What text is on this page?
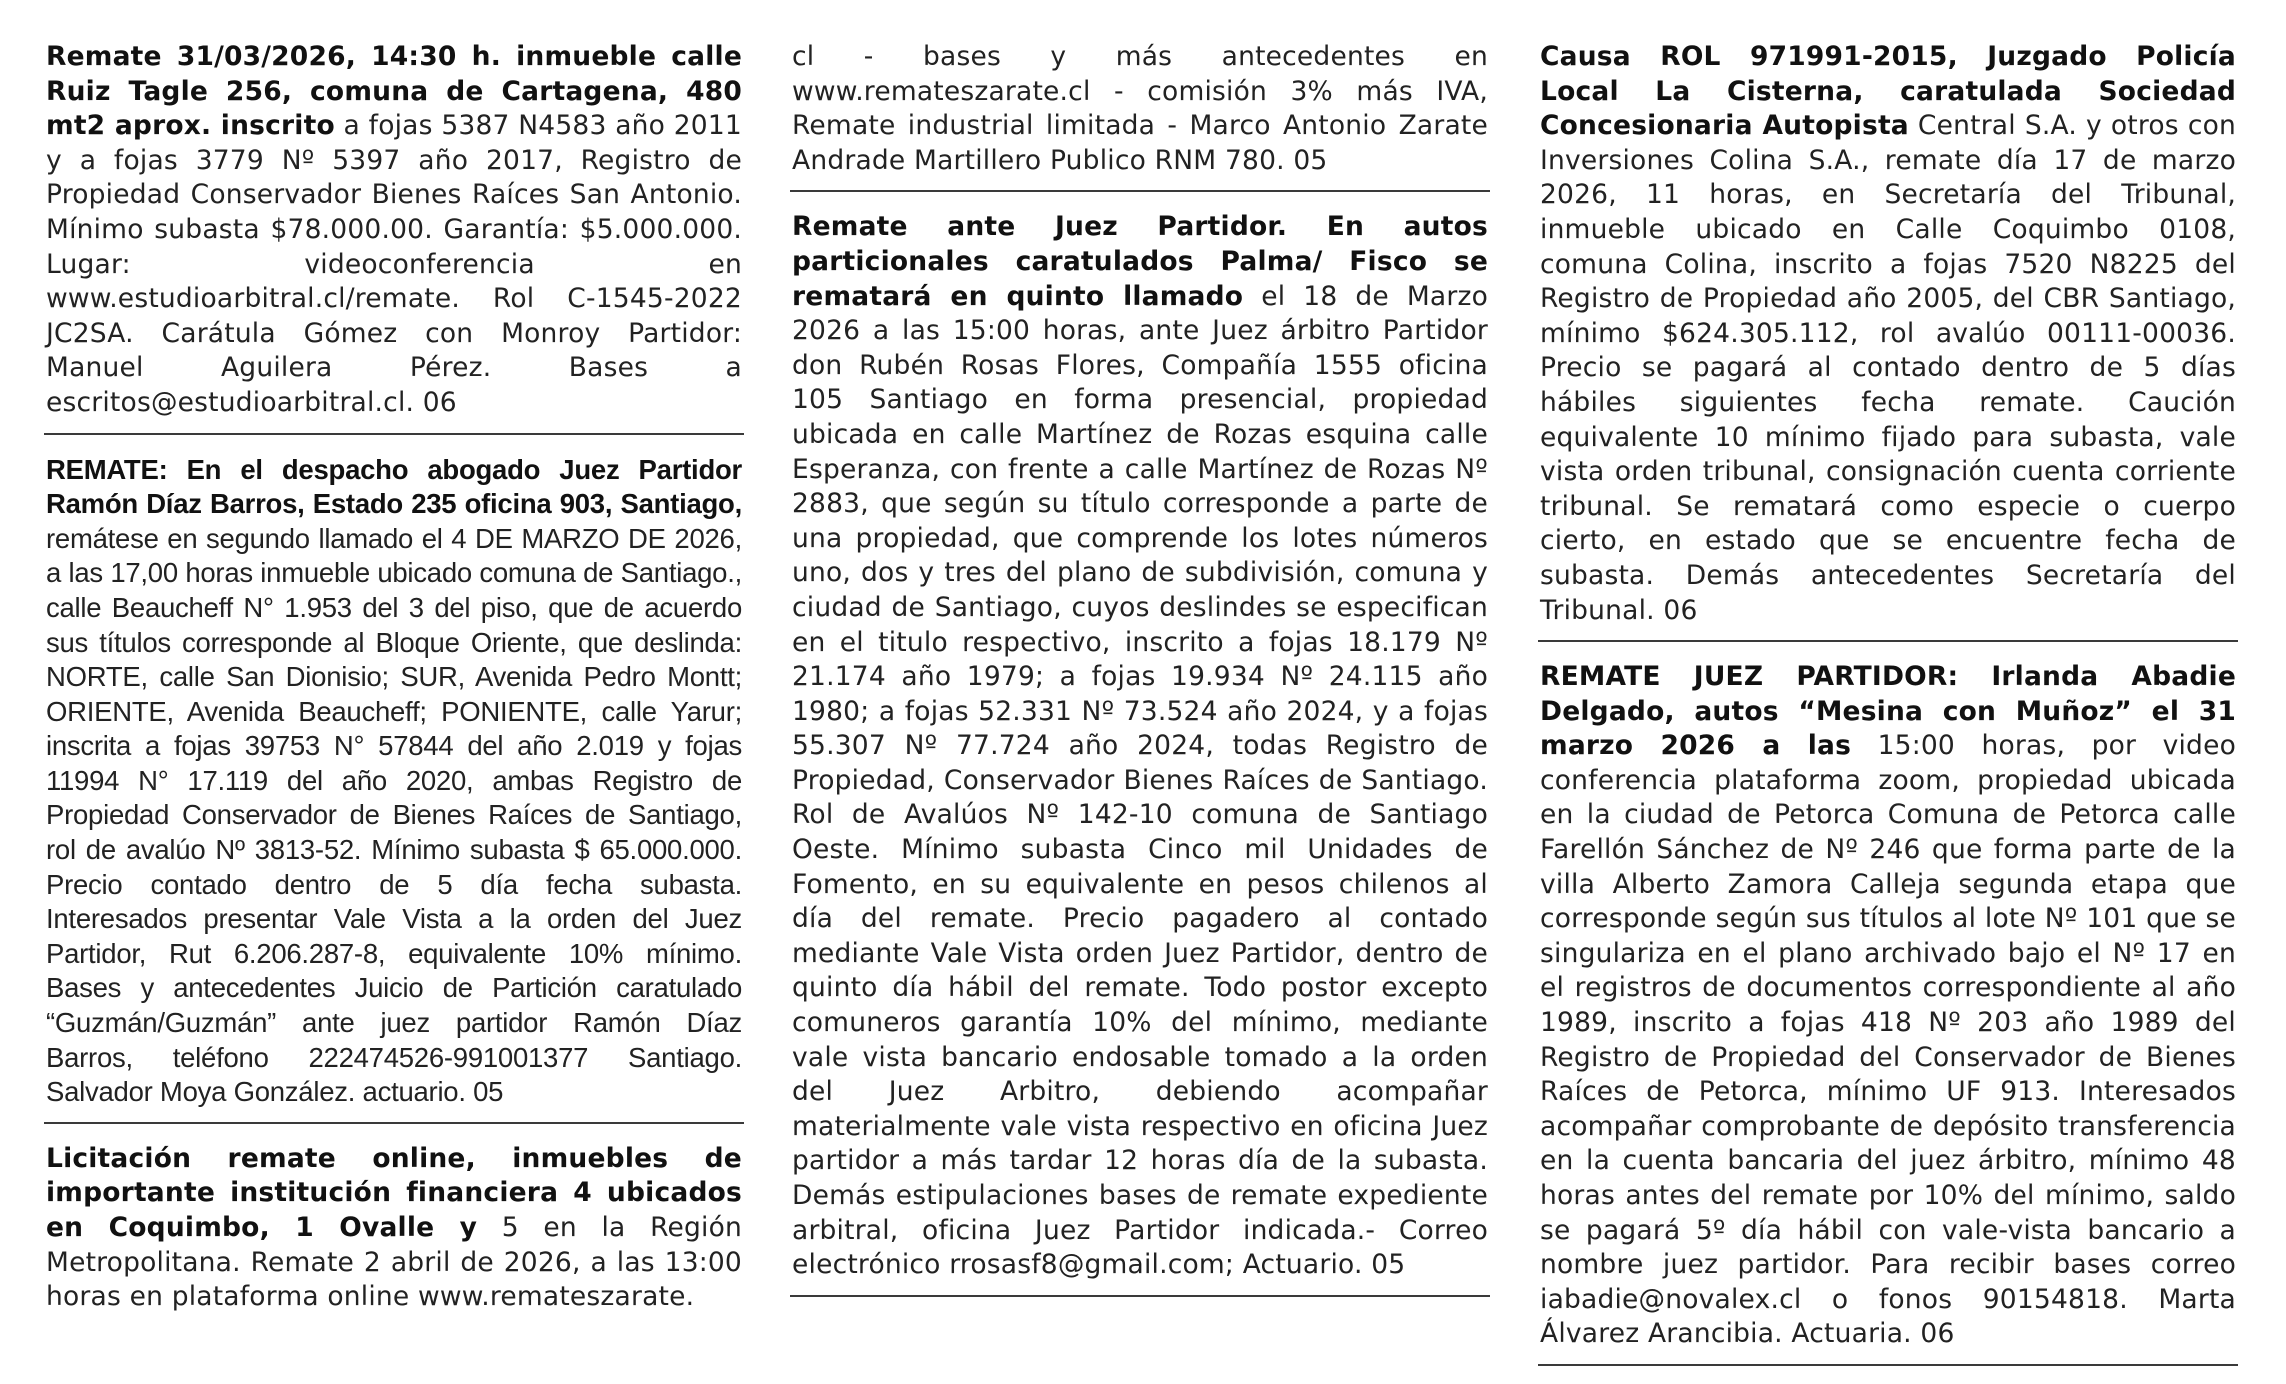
Remate 31/03/2026, 14:30 h. inmueble calle Ruiz Tagle 256, comuna de Cartagena, 480 mt2 aprox. inscrito a fojas 5387 N4583 año 2011 y a fojas 3779 Nº 5397 año 2017, Registro de Propiedad Conservador Bienes Raíces San Antonio. Mínimo subasta $78.000.00. Garantía: $5.000.000. Lugar: videoconferencia en www.estudioarbitral.cl/remate. Rol C-1545-2022 JC2SA. Carátula Gómez con Monroy Partidor: Manuel Aguilera Pérez. Bases a escritos@estudioarbitral.cl. 06
REMATE: En el despacho abogado Juez Partidor Ramón Díaz Barros, Estado 235 oficina 903, Santiago, remátese en segundo llamado el 4 DE MARZO DE 2026, a las 17,00 horas inmueble ubicado comuna de Santiago., calle Beaucheff N° 1.953 del 3 del piso, que de acuerdo sus títulos corresponde al Bloque Oriente, que deslinda: NORTE, calle San Dionisio; SUR, Avenida Pedro Montt; ORIENTE, Avenida Beaucheff; PONIENTE, calle Yarur; inscrita a fojas 39753 N° 57844 del año 2.019 y fojas 11994 N° 17.119 del año 2020, ambas Registro de Propiedad Conservador de Bienes Raíces de Santiago, rol de avalúo Nº 3813-52. Mínimo subasta $ 65.000.000. Precio contado dentro de 5 día fecha subasta. Interesados presentar Vale Vista a la orden del Juez Partidor, Rut 6.206.287-8, equivalente 10% mínimo. Bases y antecedentes Juicio de Partición caratulado “Guzmán/Guzmán” ante juez partidor Ramón Díaz Barros, teléfono 222474526-991001377 Santiago. Salvador Moya González. actuario. 05
Licitación remate online, inmuebles de importante institución financiera 4 ubicados en Coquimbo, 1 Ovalle y 5 en la Región Metropolitana. Remate 2 abril de 2026, a las 13:00 horas en plataforma online www.remateszarate.
cl - bases y más antecedentes en www.remateszarate.cl - comisión 3% más IVA, Remate industrial limitada - Marco Antonio Zarate Andrade Martillero Publico RNM 780. 05
Remate ante Juez Partidor. En autos particionales caratulados Palma/ Fisco se rematará en quinto llamado el 18 de Marzo 2026 a las 15:00 horas, ante Juez árbitro Partidor don Rubén Rosas Flores, Compañía 1555 oficina 105 Santiago en forma presencial, propiedad ubicada en calle Martínez de Rozas esquina calle Esperanza, con frente a calle Martínez de Rozas Nº 2883, que según su título corresponde a parte de una propiedad, que comprende los lotes números uno, dos y tres del plano de subdivisión, comuna y ciudad de Santiago, cuyos deslindes se especifican en el titulo respectivo, inscrito a fojas 18.179 Nº 21.174 año 1979; a fojas 19.934 Nº 24.115 año 1980; a fojas 52.331 Nº 73.524 año 2024, y a fojas 55.307 Nº 77.724 año 2024, todas Registro de Propiedad, Conservador Bienes Raíces de Santiago. Rol de Avalúos Nº 142-10 comuna de Santiago Oeste. Mínimo subasta Cinco mil Unidades de Fomento, en su equivalente en pesos chilenos al día del remate. Precio pagadero al contado mediante Vale Vista orden Juez Partidor, dentro de quinto día hábil del remate. Todo postor excepto comuneros garantía 10% del mínimo, mediante vale vista bancario endosable tomado a la orden del Juez Arbitro, debiendo acompañar materialmente vale vista respectivo en oficina Juez partidor a más tardar 12 horas día de la subasta. Demás estipulaciones bases de remate expediente arbitral, oficina Juez Partidor indicada.- Correo electrónico rrosasf8@gmail.com; Actuario. 05
Causa ROL 971991-2015, Juzgado Policía Local La Cisterna, caratulada Sociedad Concesionaria Autopista Central S.A. y otros con Inversiones Colina S.A., remate día 17 de marzo 2026, 11 horas, en Secretaría del Tribunal, inmueble ubicado en Calle Coquimbo 0108, comuna Colina, inscrito a fojas 7520 N8225 del Registro de Propiedad año 2005, del CBR Santiago, mínimo $624.305.112, rol avalúo 00111-00036. Precio se pagará al contado dentro de 5 días hábiles siguientes fecha remate. Caución equivalente 10 mínimo fijado para subasta, vale vista orden tribunal, consignación cuenta corriente tribunal. Se rematará como especie o cuerpo cierto, en estado que se encuentre fecha de subasta. Demás antecedentes Secretaría del Tribunal. 06
REMATE JUEZ PARTIDOR: Irlanda Abadie Delgado, autos “Mesina con Muñoz” el 31 marzo 2026 a las 15:00 horas, por video conferencia plataforma zoom, propiedad ubicada en la ciudad de Petorca Comuna de Petorca calle Farellón Sánchez de Nº 246 que forma parte de la villa Alberto Zamora Calleja segunda etapa que corresponde según sus títulos al lote Nº 101 que se singulariza en el plano archivado bajo el Nº 17 en el registros de documentos correspondiente al año 1989, inscrito a fojas 418 Nº 203 año 1989 del Registro de Propiedad del Conservador de Bienes Raíces de Petorca, mínimo UF 913. Interesados acompañar comprobante de depósito transferencia en la cuenta bancaria del juez árbitro, mínimo 48 horas antes del remate por 10% del mínimo, saldo se pagará 5º día hábil con vale-vista bancario a nombre juez partidor. Para recibir bases correo iabadie@novalex.cl o fonos 90154818. Marta Álvarez Arancibia. Actuaria. 06
